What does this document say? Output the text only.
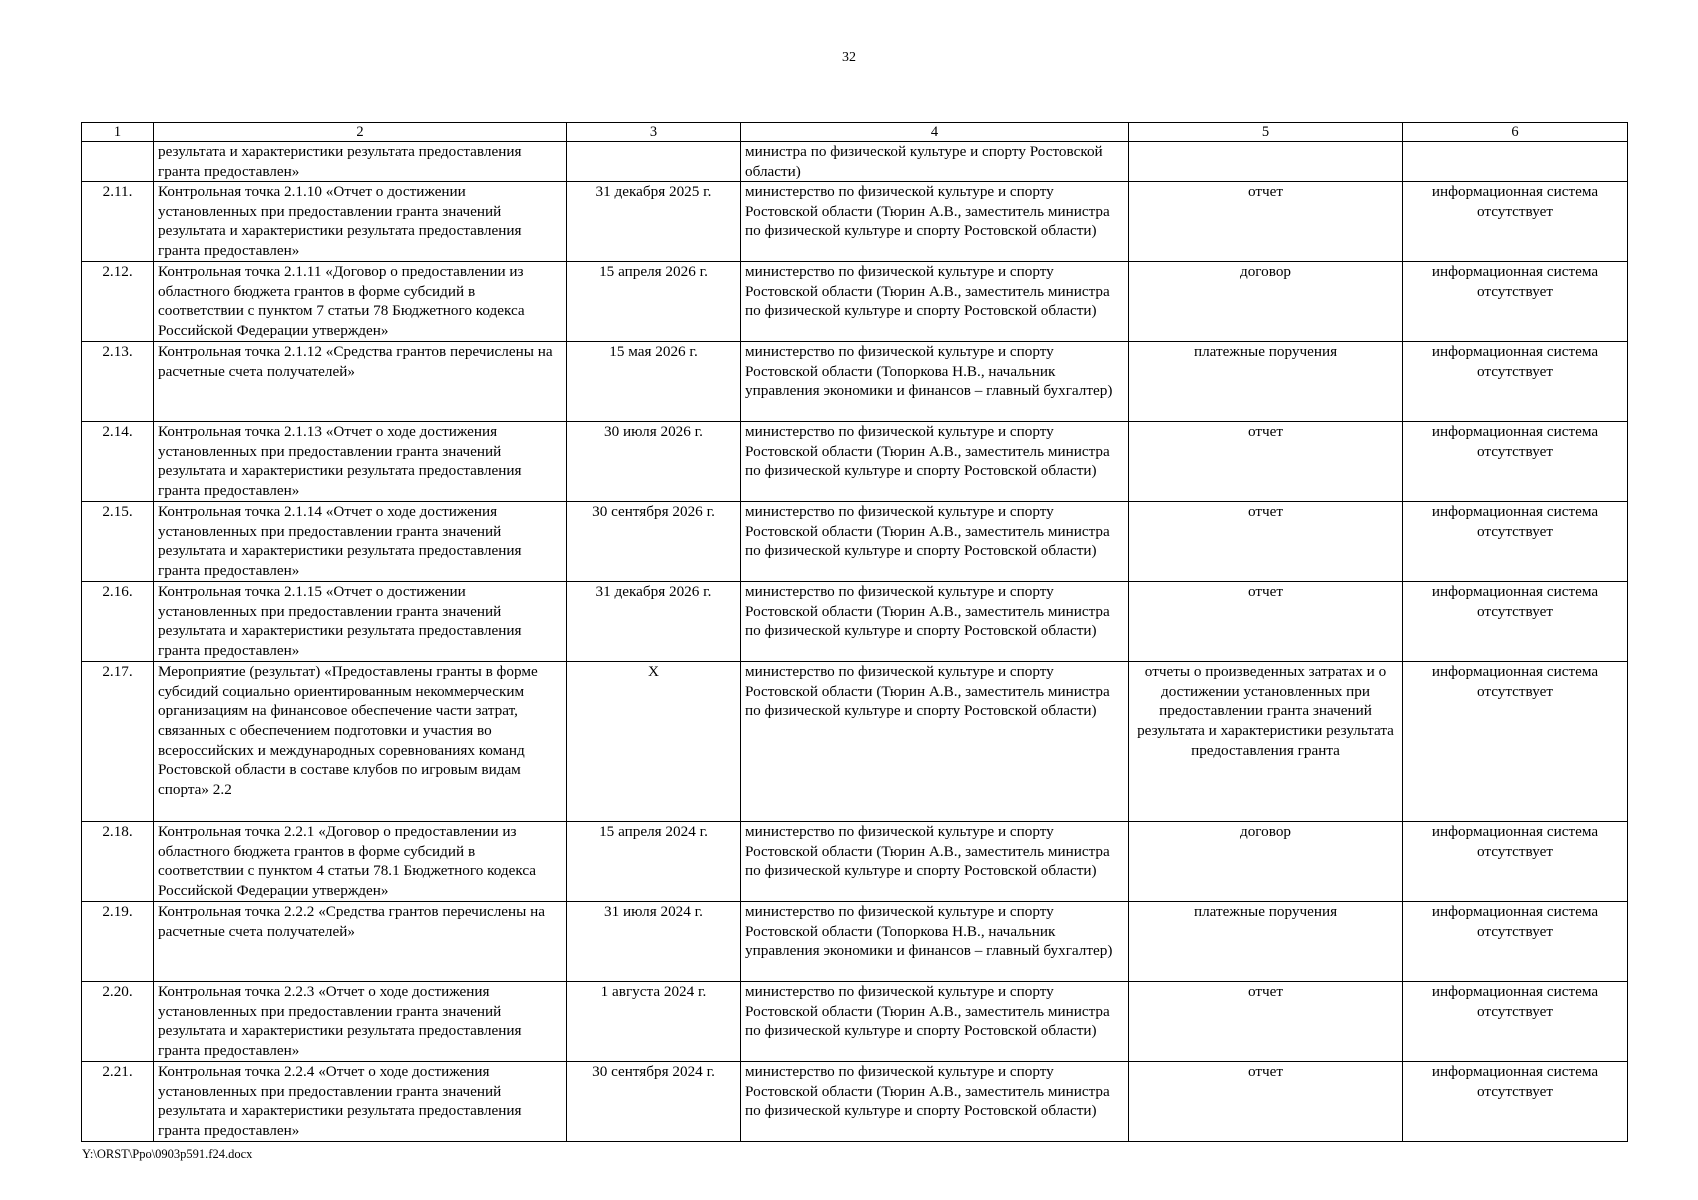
32
1	2	3	4	5	6
	результата и характеристики результата предоставления гранта предоставлен»		министра по физической культуре и спорту Ростовской области)		
2.11.	Контрольная точка 2.1.10 «Отчет о достижении установленных при предоставлении гранта значений результата и характеристики результата предоставления гранта предоставлен»	31 декабря 2025 г.	министерство по физической культуре и спорту Ростовской области (Тюрин А.В., заместитель министра по физической культуре и спорту Ростовской области)	отчет	информационная система отсутствует
2.12.	Контрольная точка 2.1.11 «Договор о предоставлении из областного бюджета грантов в форме субсидий в соответствии с пунктом 7 статьи 78 Бюджетного кодекса Российской Федерации утвержден»	15 апреля 2026 г.	министерство по физической культуре и спорту Ростовской области (Тюрин А.В., заместитель министра по физической культуре и спорту Ростовской области)	договор	информационная система отсутствует
2.13.	Контрольная точка 2.1.12 «Средства грантов перечислены на расчетные счета получателей»	15 мая 2026 г.	министерство по физической культуре и спорту Ростовской области (Топоркова Н.В., начальник управления экономики и финансов – главный бухгалтер)	платежные поручения	информационная система отсутствует
2.14.	Контрольная точка 2.1.13 «Отчет о ходе достижения установленных при предоставлении гранта значений результата и характеристики результата предоставления гранта предоставлен»	30 июля 2026 г.	министерство по физической культуре и спорту Ростовской области (Тюрин А.В., заместитель министра по физической культуре и спорту Ростовской области)	отчет	информационная система отсутствует
2.15.	Контрольная точка 2.1.14 «Отчет о ходе достижения установленных при предоставлении гранта значений результата и характеристики результата предоставления гранта предоставлен»	30 сентября 2026 г.	министерство по физической культуре и спорту Ростовской области (Тюрин А.В., заместитель министра по физической культуре и спорту Ростовской области)	отчет	информационная система отсутствует
2.16.	Контрольная точка 2.1.15 «Отчет о достижении установленных при предоставлении гранта значений результата и характеристики результата предоставления гранта предоставлен»	31 декабря 2026 г.	министерство по физической культуре и спорту Ростовской области (Тюрин А.В., заместитель министра по физической культуре и спорту Ростовской области)	отчет	информационная система отсутствует
2.17.	Мероприятие (результат) «Предоставлены гранты в форме субсидий социально ориентированным некоммерческим организациям на финансовое обеспечение части затрат, связанных с обеспечением подготовки и участия во всероссийских и международных соревнованиях команд Ростовской области в составе клубов по игровым видам спорта» 2.2	Х	министерство по физической культуре и спорту Ростовской области (Тюрин А.В., заместитель министра по физической культуре и спорту Ростовской области)	отчеты о произведенных затратах и о достижении установленных при предоставлении гранта значений результата и характеристики результата предоставления гранта	информационная система отсутствует
2.18.	Контрольная точка 2.2.1 «Договор о предоставлении из областного бюджета грантов в форме субсидий в соответствии с пунктом 4 статьи 78.1 Бюджетного кодекса Российской Федерации утвержден»	15 апреля 2024 г.	министерство по физической культуре и спорту Ростовской области (Тюрин А.В., заместитель министра по физической культуре и спорту Ростовской области)	договор	информационная система отсутствует
2.19.	Контрольная точка 2.2.2 «Средства грантов перечислены на расчетные счета получателей»	31 июля 2024 г.	министерство по физической культуре и спорту Ростовской области (Топоркова Н.В., начальник управления экономики и финансов – главный бухгалтер)	платежные поручения	информационная система отсутствует
2.20.	Контрольная точка 2.2.3 «Отчет о ходе достижения установленных при предоставлении гранта значений результата и характеристики результата предоставления гранта предоставлен»	1 августа 2024 г.	министерство по физической культуре и спорту Ростовской области (Тюрин А.В., заместитель министра по физической культуре и спорту Ростовской области)	отчет	информационная система отсутствует
2.21.	Контрольная точка 2.2.4 «Отчет о ходе достижения установленных при предоставлении гранта значений результата и характеристики результата предоставления гранта предоставлен»	30 сентября 2024 г.	министерство по физической культуре и спорту Ростовской области (Тюрин А.В., заместитель министра по физической культуре и спорту Ростовской области)	отчет	информационная система отсутствует
Y:\ORST\Ppo\0903p591.f24.docx
